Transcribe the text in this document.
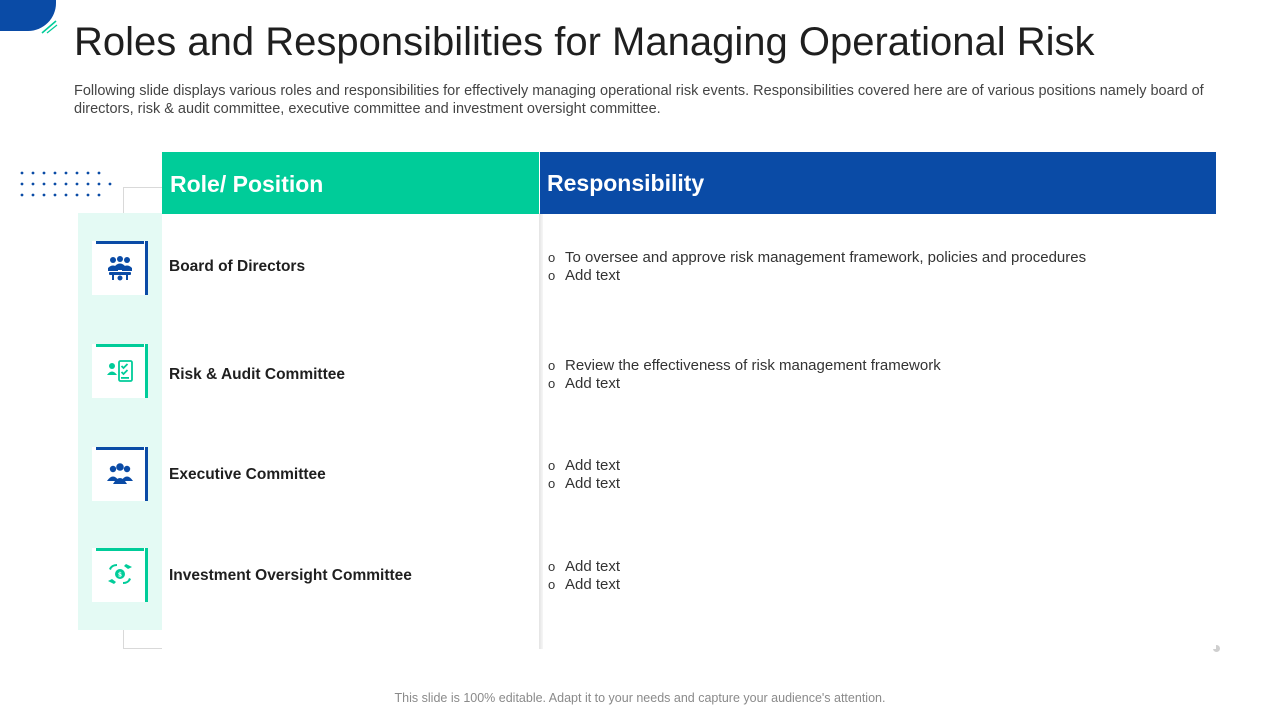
Roles and Responsibilities for Managing Operational Risk

Following slide displays various roles and responsibilities for effectively managing operational risk events. Responsibilities covered here are of various positions namely board of directors, risk & audit committee, executive committee and investment oversight committee.

Role/ Position	Responsibility
Board of Directors
o To oversee and approve risk management framework, policies and procedures
o Add text
Risk & Audit Committee
o Review the effectiveness of risk management framework
o Add text
Executive Committee
o Add text
o Add text
$	Investment Oversight Committee
o Add text
o Add text
This slide is 100% editable. Adapt it to your needs and capture your audience's attention.
